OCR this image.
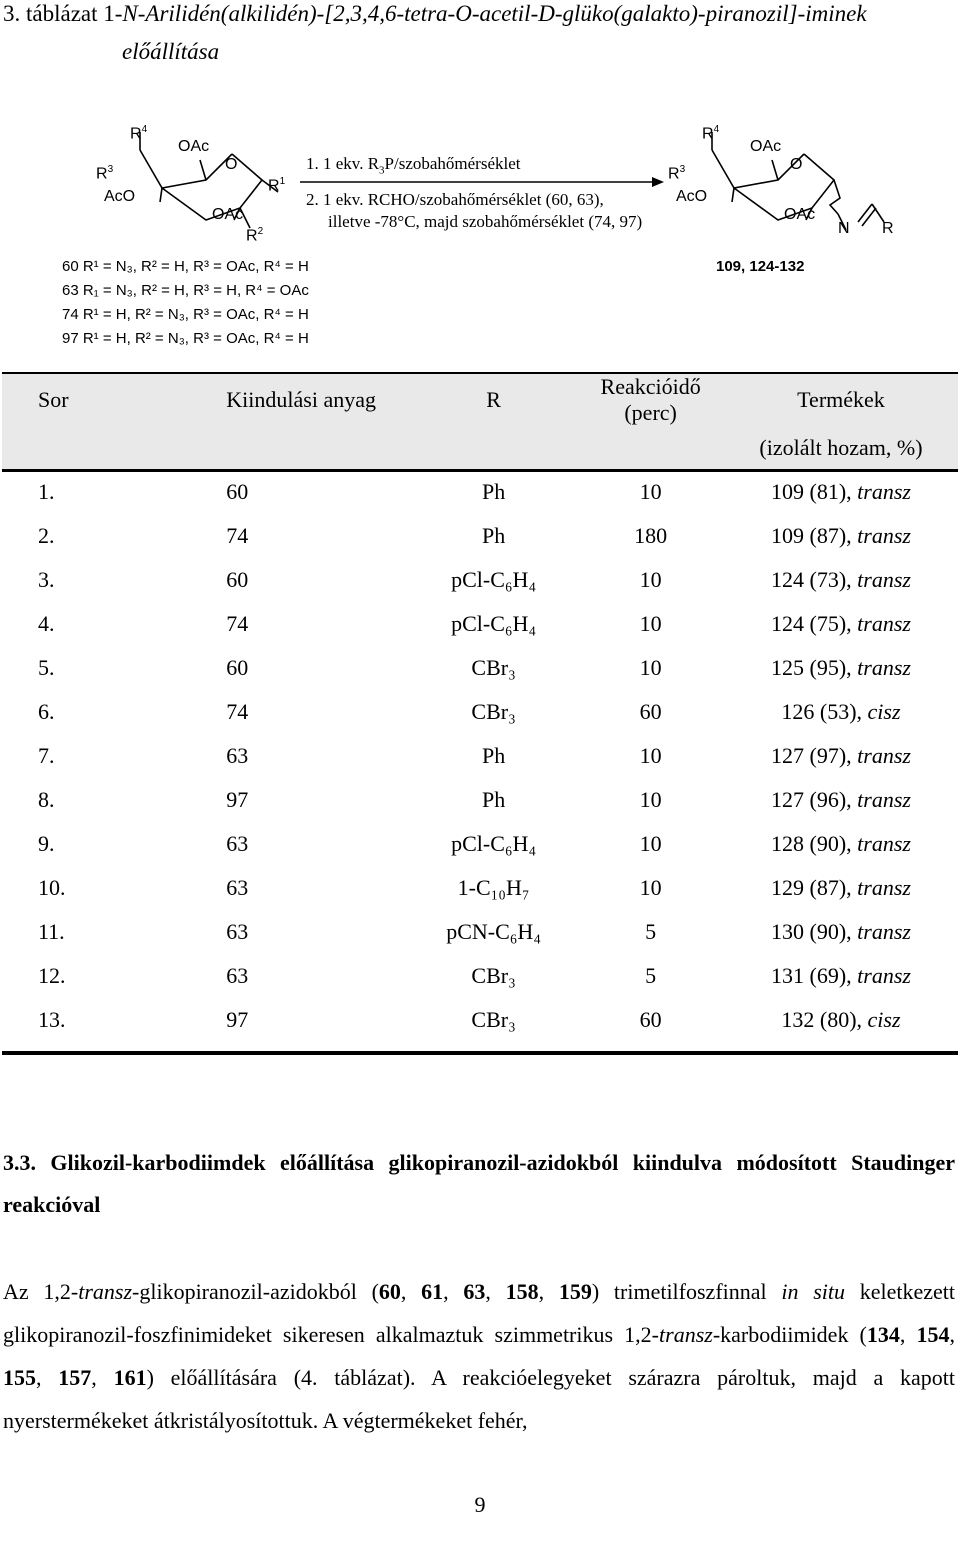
3. táblázat 1-N-Arilidén(alkilidén)-[2,3,4,6-tetra-O-acetil-D-glüko(galakto)-piranozil]-iminek
előállítása
$R^4$
$R^3$
AcO
OAc
O
$R^1$
OAc
$R^2$
1. 1 ekv. $R_3P$/szobahőmérséklet
2. 1 ekv. RCHO/szobahőmérséklet (60, 63),
illetve -78°C, majd szobahőmérséklet (74, 97)
$R^4$
$R^3$
AcO
OAc
O
OAc
N R
60 R¹ = N₃, R² = H, R³ = OAc, R⁴ = H
63 R₁ = N₃, R² = H, R³ = H, R⁴ = OAc
74 R¹ = H, R² = N₃, R³ = OAc, R⁴ = H
97 R¹ = H, R² = N₃, R³ = OAc, R⁴ = H
109, 124-132
Sor	Kiindulási anyag	R	Reakcióidő (perc)	Termékek
				(izolált hozam, %)
1.	60	Ph	10	109 (81), transz
2.	74	Ph	180	109 (87), transz
3.	60	pCl-C₆H₄	10	124 (73), transz
4.	74	pCl-C₆H₄	10	124 (75), transz
5.	60	CBr₃	10	125 (95), transz
6.	74	CBr₃	60	126 (53), cisz
7.	63	Ph	10	127 (97), transz
8.	97	Ph	10	127 (96), transz
9.	63	pCl-C₆H₄	10	128 (90), transz
10.	63	1-C₁₀H₇	10	129 (87), transz
11.	63	pCN-C₆H₄	5	130 (90), transz
12.	63	CBr₃	5	131 (69), transz
13.	97	CBr₃	60	132 (80), cisz
3.3. Glikozil-karbodiimdek előállítása glikopiranozil-azidokból kiindulva módosított Staudinger reakcióval
Az 1,2-transz-glikopiranozil-azidokból (60, 61, 63, 158, 159) trimetilfoszfinnal in situ keletkezett glikopiranozil-foszfinimideket sikeresen alkalmaztuk szimmetrikus 1,2-transz-karbodiimidek (134, 154, 155, 157, 161) előállítására (4. táblázat). A reakcióelegyeket szárazra pároltuk, majd a kapott nyerstermékeket átkristályosítottuk. A végtermékeket fehér,
9
